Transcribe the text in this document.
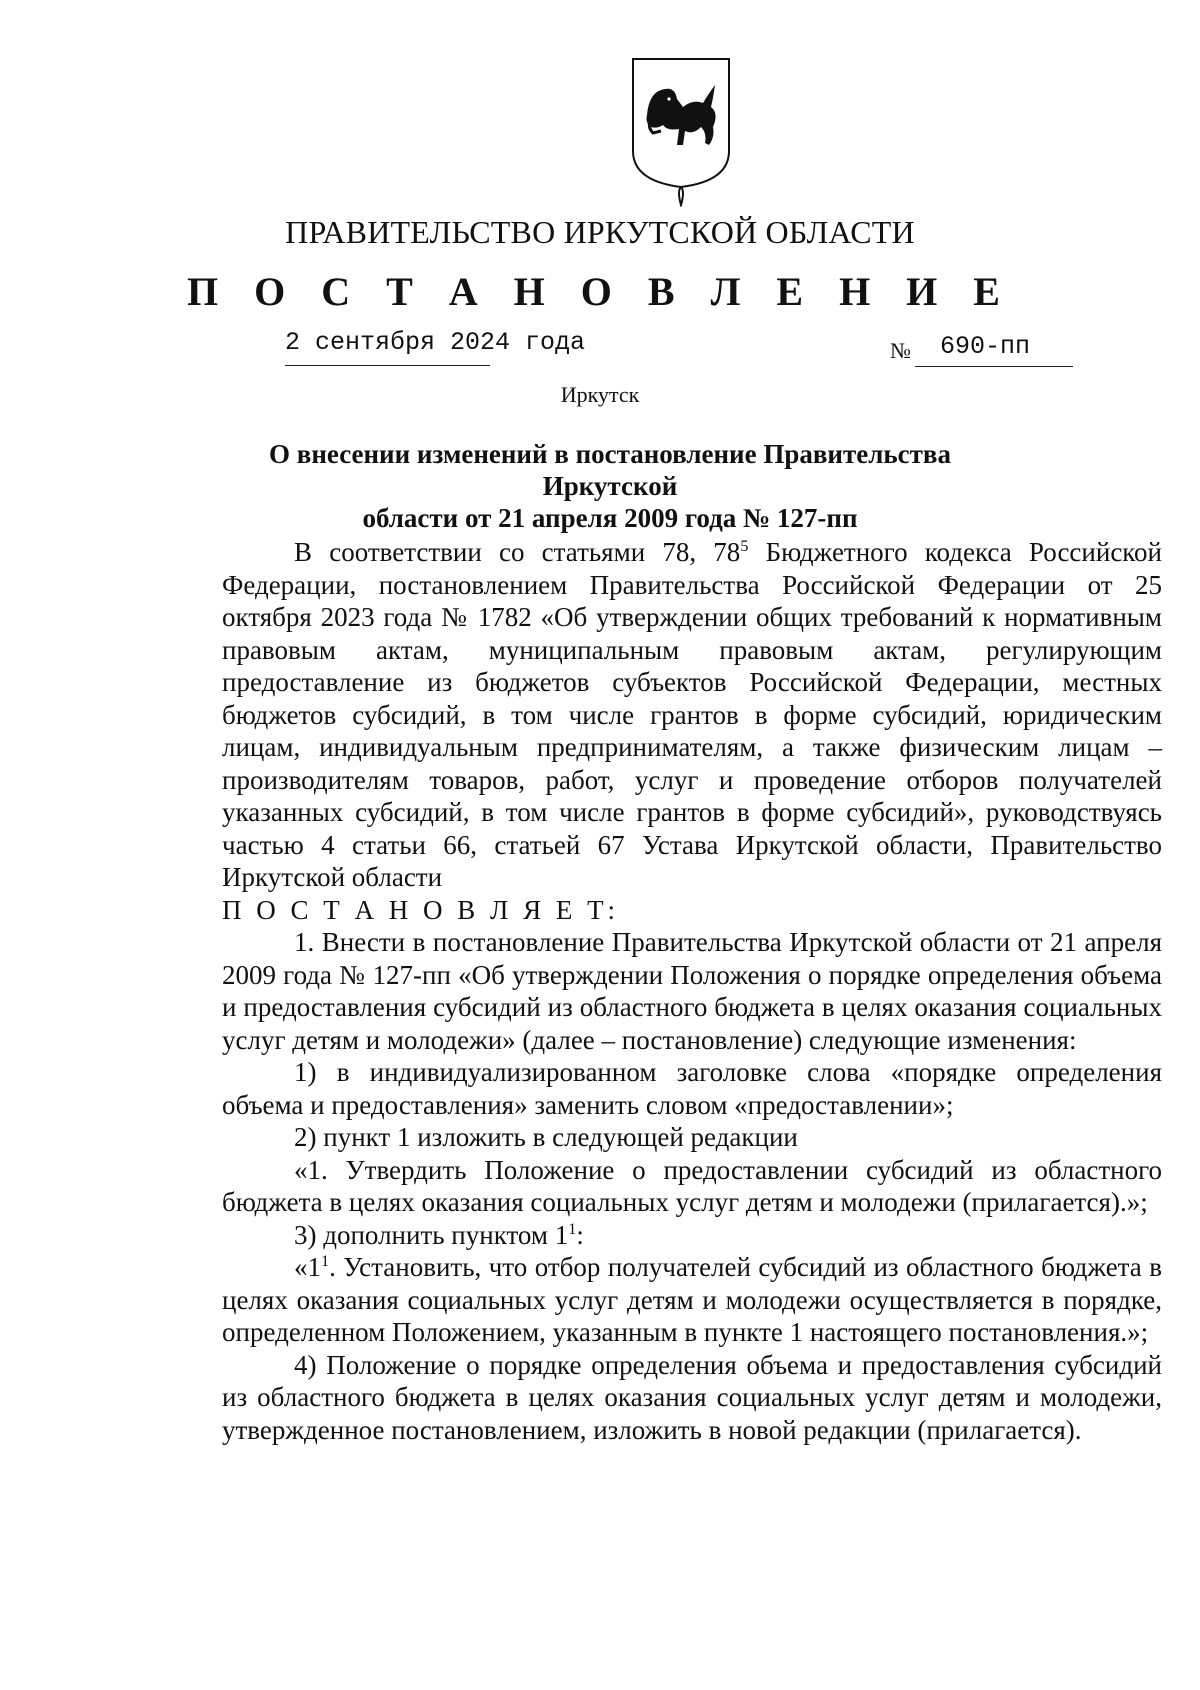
ПРАВИТЕЛЬСТВО ИРКУТСКОЙ ОБЛАСТИ
П О С Т А Н О В Л Е Н И Е
2 сентября 2024 года	№ 690-пп
Иркутск
О внесении изменений в постановление Правительства Иркутской
области от 21 апреля 2009 года № 127-пп

В соответствии со статьями 78, $78^5$ Бюджетного кодекса Российской Федерации, постановлением Правительства Российской Федерации от 25 октября 2023 года № 1782 «Об утверждении общих требований к нормативным правовым актам, муниципальным правовым актам, регулирующим предоставление из бюджетов субъектов Российской Федерации, местных бюджетов субсидий, в том числе грантов в форме субсидий, юридическим лицам, индивидуальным предпринимателям, а также физическим лицам – производителям товаров, работ, услуг и проведение отборов получателей указанных субсидий, в том числе грантов в форме субсидий», руководствуясь частью 4 статьи 66, статьей 67 Устава Иркутской области, Правительство Иркутской области

П О С Т А Н О В Л Я Е Т:

1. Внести в постановление Правительства Иркутской области от 21 апреля 2009 года № 127-пп «Об утверждении Положения о порядке определения объема и предоставления субсидий из областного бюджета в целях оказания социальных услуг детям и молодежи» (далее – постановление) следующие изменения:

1) в индивидуализированном заголовке слова «порядке определения объема и предоставления» заменить словом «предоставлении»;

2) пункт 1 изложить в следующей редакции

«1. Утвердить Положение о предоставлении субсидий из областного бюджета в целях оказания социальных услуг детям и молодежи (прилагается).»;

3) дополнить пунктом $1^1$:

«$1^1$. Установить, что отбор получателей субсидий из областного бюджета в целях оказания социальных услуг детям и молодежи осуществляется в порядке, определенном Положением, указанным в пункте 1 настоящего постановления.»;

4) Положение о порядке определения объема и предоставления субсидий из областного бюджета в целях оказания социальных услуг детям и молодежи, утвержденное постановлением, изложить в новой редакции (прилагается).
